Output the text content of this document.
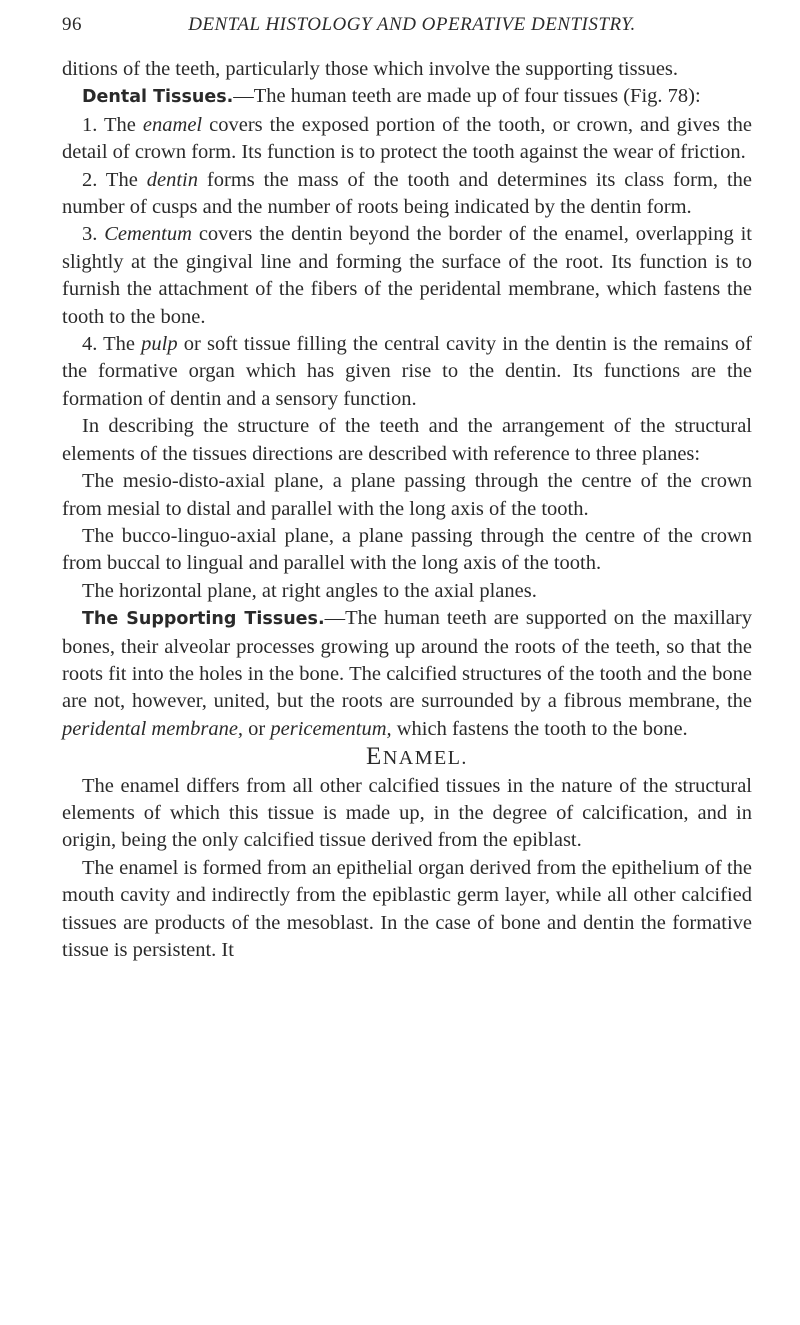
96	DENTAL HISTOLOGY AND OPERATIVE DENTISTRY.

ditions of the teeth, particularly those which involve the supporting tissues.

Dental Tissues.—The human teeth are made up of four tissues (Fig. 78):

1. The enamel covers the exposed portion of the tooth, or crown, and gives the detail of crown form. Its function is to protect the tooth against the wear of friction.

2. The dentin forms the mass of the tooth and determines its class form, the number of cusps and the number of roots being indicated by the dentin form.

3. Cementum covers the dentin beyond the border of the enamel, overlapping it slightly at the gingival line and forming the surface of the root. Its function is to furnish the attachment of the fibers of the peridental membrane, which fastens the tooth to the bone.

4. The pulp or soft tissue filling the central cavity in the dentin is the remains of the formative organ which has given rise to the dentin. Its functions are the formation of dentin and a sensory function.

In describing the structure of the teeth and the arrangement of the structural elements of the tissues directions are described with reference to three planes:

The mesio-disto-axial plane, a plane passing through the centre of the crown from mesial to distal and parallel with the long axis of the tooth.

The bucco-linguo-axial plane, a plane passing through the centre of the crown from buccal to lingual and parallel with the long axis of the tooth.

The horizontal plane, at right angles to the axial planes.

The Supporting Tissues.—The human teeth are supported on the maxillary bones, their alveolar processes growing up around the roots of the teeth, so that the roots fit into the holes in the bone. The calcified structures of the tooth and the bone are not, however, united, but the roots are surrounded by a fibrous membrane, the peridental membrane, or pericementum, which fastens the tooth to the bone.

ENAMEL.

The enamel differs from all other calcified tissues in the nature of the structural elements of which this tissue is made up, in the degree of calcification, and in origin, being the only calcified tissue derived from the epiblast.

The enamel is formed from an epithelial organ derived from the epithelium of the mouth cavity and indirectly from the epiblastic germ layer, while all other calcified tissues are products of the mesoblast. In the case of bone and dentin the formative tissue is persistent. It
